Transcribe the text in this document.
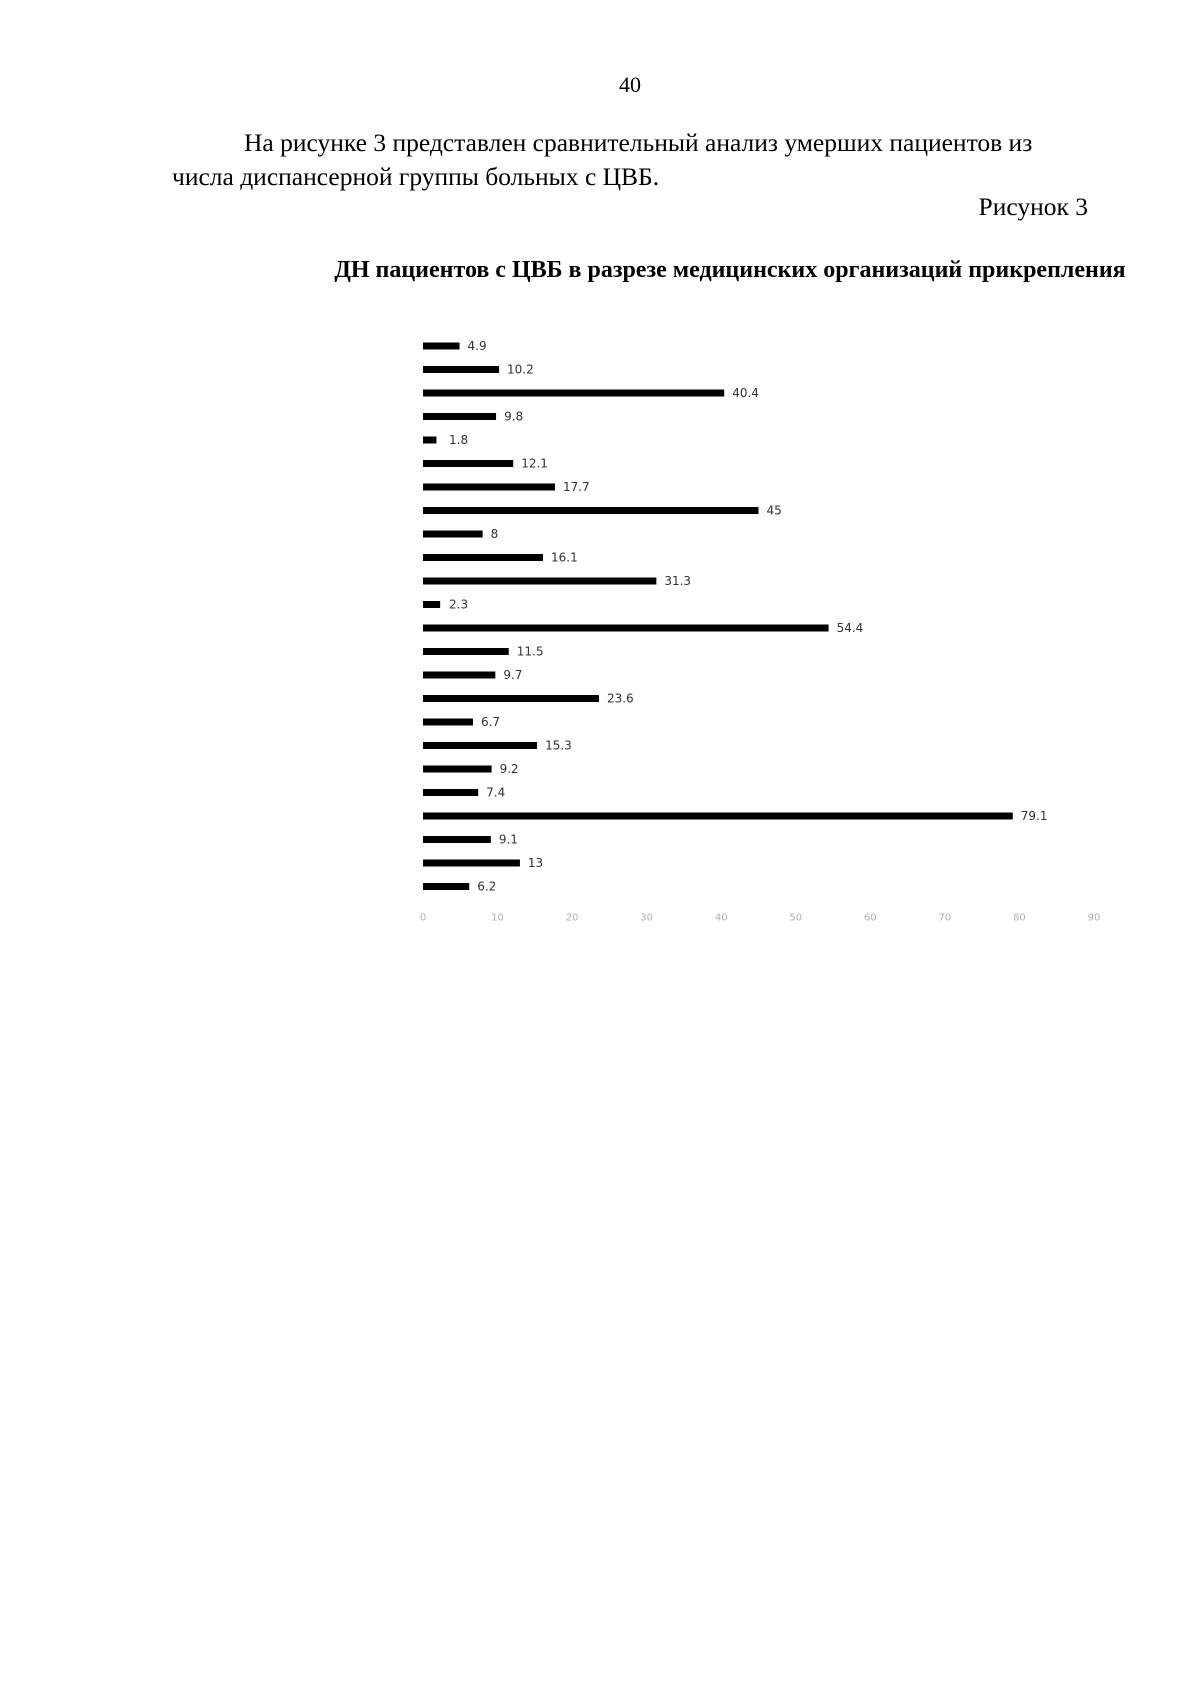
40

На рисунке 3 представлен сравнительный анализ умерших пациентов из числа диспансерной группы больных с ЦВБ.

Рисунок 3
ДН пациентов с ЦВБ в разрезе медицинских организаций прикрепления
4.9
10.2
40.4
9.8
1.8
12.1
17.7
45
8
16.1
31.3
2.3
54.4
11.5
9.7
23.6
6.7
15.3
9.2
7.4
79.1
9.1
13
6.2
0	10	20	30	40	50	60	70	80	90
